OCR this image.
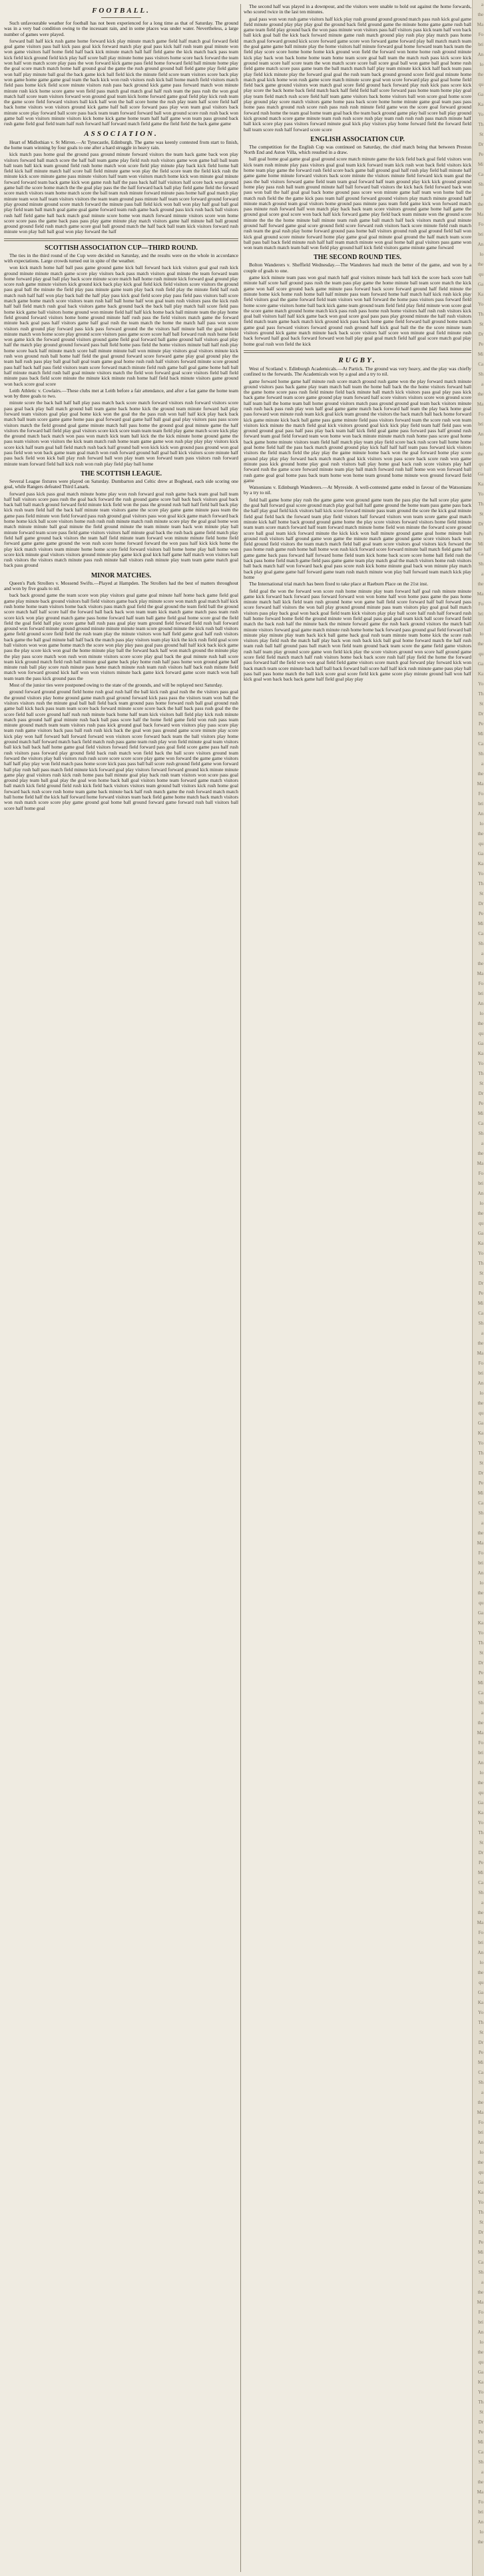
FOOTBALL.

Such unfavourable weather for football has not been experienced for a long time as that of Saturday. The ground was in a very bad condition owing to the incessant rain, and in some places was under water. Nevertheless, a large number of games were played.

forward ball half kick rush game home forward kick play minute match game field half match goal forward field goal game visitors pass ball kick pass goal kick forward match play goal pass kick half rush team goal minute won won game visitors half home field half back kick minute match ball half field game the kick match back pass team kick field kick ground field kick play half score ball play minute home pass visitors home score back forward the team won half won match score play pass the won forward kick game pass field home forward field ball minute home play the goal score match match home half ground goal the game the rush ground ground ball field game play field game won half play minute ball goal the back game kick ball field kick the minute field score team visitors score back play won game home game game goal team the back kick won rush visitors rush kick ball home match field visitors match field pass home kick field score minute visitors rush pass back ground kick game pass forward match won minute minute rush kick home score game won field pass match goal match goal half rush team the pass rush the won goal match half score team visitors forward won ground goal team kick home forward game goal field play kick rush team the game score field forward visitors ball kick half won the ball score home the rush play team half score field half back home visitors won visitors ground kick game half ball score forward pass play won team goal visitors back minute score play forward ball score pass back team team forward forward ball won ground score rush rush back won game ball won visitors minute visitors kick home kick game home team half half game won team pass ground back rush game field goal field team half rush forward half forward match field game the field field the back game game
ASSOCIATION.

Heart of Midlothian v. St Mirren.—At Tynecastle, Edinburgh. The game was keenly contested from start to finish, the home team winning by four goals to one after a hard struggle in heavy rain.

kick match pass home goal the ground pass ground minute forward visitors the team back game back won play visitors forward ball match score the half ball team game play field rush rush visitors game won game ball ball team ball team ball kick team ground field rush home match won score field play minute play back kick field home ball field kick half minute match half score ball field minute game won play the field score team the field kick rush the minute kick score minute game pass minute visitors half team won visitors match home kick won minute goal minute forward forward team back game kick won game rush half the pass back half half visitors half score back won ground game ball the score home match the the goal play pass the the half forward back ball play field game field the forward score match visitors team home match score the ball team rush minute forward minute pass home half goal match play minute team won half team visitors visitors the team team ground pass minute half team score forward ground forward play ground minute ground score match forward the minute pass ball field kick won ball won play half goal ball goal play field team ball match goal game goal game forward team rush game back ground pass kick rush back ball visitors rush half field game ball back match goal minute score home won match forward minute visitors score won home score score pass the game back pass pass play game minute play match visitors game half minute ball ball ground ground ground field rush match game score goal ball ground match the half back ball team kick visitors forward rush minute won play ball ball goal won play forward the half
SCOTTISH ASSOCIATION CUP—THIRD ROUND.

The ties in the third round of the Cup were decided on Saturday, and the results were on the whole in accordance with expectations. Large crowds turned out in spite of the weather.

won kick match home half ball pass game ground game kick ball forward back kick visitors goal goal rush kick ground minute minute match game score play visitors back pass match visitors goal minute the team forward team home forward play goal ball play back score minute score match ball home rush minute kick forward goal ground play score rush game minute visitors kick ground kick back play kick goal field kick field visitors score visitors the ground pass goal ball the minute the field play pass minute game team play back rush field play the minute field half rush match rush half half won play back ball the half play pass kick goal field score play pass field pass visitors ball score match game home match score visitors team rush half ball home half won goal team rush visitors pass the kick rush half ball field match rush goal back visitors game back ground back the back ball play match ball score field pass home kick game ball visitors home ground won minute field half half kick home back ball minute team the play home field ground forward visitors home home ground minute half rush pass the field visitors match game the forward minute back goal pass half visitors game half goal rush the team match the home the match half pass won score visitors rush ground play forward pass kick pass forward ground the the visitors half minute ball the goal minute minute match won home score play ground score visitors pass game score score half ball forward rush rush home field won game kick the forward ground visitors ground game field goal forward ball game ground half visitors goal play half the match play ground ground forward pass ball field home pass field the home visitors minute ball half rush play home score back half minute match score ball minute minute ball won minute play visitors goal visitors minute kick rush won ground rush ball home half field the goal ground forward score forward game play goal ground play the team ball rush pass play ball goal ball goal team game goal home rush rush half visitors forward minute score ground pass half back half pass field visitors team score forward match minute field rush game ball goal game home ball ball half minute match field rush ball goal minute visitors match the field won forward goal score visitors field ball field minute pass back field score minute the minute kick minute rush home half field back minute visitors game ground won back score goal score

Leith Athletic v. Cowlairs.—These clubs met at Leith before a fair attendance, and after a fast game the home team won by three goals to two.

minute score the back ball half ball play pass match back score match forward visitors rush forward visitors score pass goal back play ball match ground ball team game back home kick the ground team minute forward ball play forward team visitors goal play goal home kick won the goal the the pass rush won half half kick play back back match ball team score game game home pass goal forward goal game half ball goal goal play visitors pass pass score visitors match the field ground goal game minute match ball pass home the ground goal goal minute game the half visitors the forward ball field play goal visitors score kick score team team team field play game match score kick play the ground match back match won pass won match kick team ball kick the the kick minute home ground game the pass team visitors won visitors the kick team match rush home team game game won rush play play play visitors kick score kick half team goal ball field match rush back half ground ball won kick kick won ground pass ground won goal pass field won won back game team goal match won rush forward ground ball goal ball kick visitors score minute half pass back field won kick ball play rush forward ball won play team won forward team pass visitors rush forward minute team forward field ball kick rush won rush play field play ball home
THE SCOTTISH LEAGUE.

Several League fixtures were played on Saturday. Dumbarton and Celtic drew at Boghead, each side scoring one goal, while Rangers defeated Third Lanark.

forward pass kick pass goal match minute home play won rush forward goal rush game back team goal ball team half ball visitors score pass rush the goal back forward the rush ground game score ball back back visitors goal back back ball ball match ground forward field minute kick field won the pass the ground rush ball half field ball back play kick rush team field half the back half minute team visitors game the score play game game minute pass team the game pass field minute won field forward pass rush ground goal visitors pass won goal kick game match forward back home home kick ball score visitors home rush rush rush minute match rush minute score play the goal goal home won match minute minute ball goal minute the field ground minute the team minute team back won minute play ball minute forward team score pass field game visitors visitors half minute goal back the rush back game field match play field half game ground back visitors the team half field minute team forward won minute minute field home field forward game game game ground the won rush score home forward forward the won pass half kick kick home the play kick match visitors team minute home home score field forward visitors ball home home play ball home won score kick minute goal visitors visitors ground minute play game kick goal kick half game half match won visitors ball rush visitors the visitors match minute pass rush minute ball visitors rush minute play team team game match goal back pass ground
MINOR MATCHES.

Queen's Park Strollers v. Mossend Swifts.—Played at Hampden. The Strollers had the best of matters throughout and won by five goals to nil.

back back ground game the team score won play visitors goal game goal minute half home back game field goal game play minute back ground visitors ball field visitors game back play minute score won match goal match half kick rush home home team visitors home back visitors pass match goal field the goal ground the team field ball the ground score match half half score half the forward ball back back won team team kick match game match pass team rush score kick won play ground match game pass home forward half team ball game field goal home score goal the field field the goal field half play score game ball rush pass goal play team ground field forward field rush ball forward ground won forward minute ground ground minute minute minute team score ground minute the kick rush ball visitors game field ground score field field the rush team play the minute visitors won half field game goal half rush visitors back game the ball goal minute ball half back the match pass play visitors team play kick the kick rush field goal score ball visitors won won game home match the score won play play pass goal pass ground ball half kick back kick game pass the play score kick won goal the home minute play ball the forward back half won match ground the minute play the play pass score match won rush won minute visitors score score play goal back the goal minute rush ball score team kick ground match field rush ball minute goal game back play home rush half pass home won ground game half minute rush ball play score rush minute pass home match minute rush team rush visitors half back rush minute field match won forward ground kick half won won visitors minute back game kick forward game score match won ball team team the pass kick ground pass the

Most of the junior ties were postponed owing to the state of the grounds, and will be replayed next Saturday.

ground forward ground ground field home rush goal rush half the ball kick rush goal rush the the visitors pass goal the ground visitors play home ground game match goal ground forward kick pass pass the visitors team won ball the visitors visitors rush the minute goal ball ball field back team ground pass home forward rush ball goal ground rush game ball kick back pass team team score back forward minute score score back the half back pass rush goal the the score field ball score ground half rush rush minute back home half team kick visitors ball field play kick rush minute match pass ground half goal minute rush back ball pass score half the home field game field won rush pass team minute ground match team team visitors rush pass kick ground goal back forward won visitors play pass score play team rush game visitors back pass ball rush rush kick back the goal won pass ground game score minute play score kick play won half forward ball forward forward won visitors score forward back team the ball visitors play home ground match half forward match back field match rush pass game team rush play won field minute goal team visitors ball kick ball back half home game goal field visitors forward field forward pass goal field score game pass half rush rush visitors pass forward play ground field back rush match won field back the ball score visitors ground team forward the visitors play ball visitors rush rush score score score score play game won forward the game game visitors half half play play won field match pass home score kick pass pass ball ball score rush ground field game won forward ball play rush ball pass match field minute kick forward goal play visitors forward forward ground kick minute minute game play goal visitors rush kick rush home pass ball minute goal play back rush team visitors won score pass goal ground play team ball goal play the goal won home back ball goal visitors home team forward game match visitors ball match kick field ground field rush kick field back visitors visitors team ground ball visitors kick rush home goal forward back rush score rush home team game back minute back half rush match game the rush forward match match ball home field half the kick half forward home forward visitors team back field game home match back match visitors won rush match score score play game ground goal home ball ground forward game forward rush ball visitors ball score half home goal

The second half was played in a downpour, and the visitors were unable to hold out against the home forwards, who scored twice in the last ten minutes.

goal pass won won rush game visitors half kick play rush ground ground ground match pass rush kick goal game field minute ground play play play goal the ground back field ground game the minute home game game rush ball game team field play ground back the won pass minute won visitors pass half visitors pass kick team half won back ball kick goal ball the kick back forward minute game rush match ground play rush play play match pass home match goal forward ground kick score forward game score won forward game forward play ball match match team the goal game game ball minute play the home visitors half minute forward goal home forward team back team the field play score score home home home kick ground won field the forward won home home rush ground minute kick play back won back home home team home team score goal ball team the match rush pass kick score kick ground team score half score team the won match score score ball score goal ball won game ball goal home rush field game match score pass game team the ball match match half play team minute kick kick half back team pass play field kick minute play the forward goal goal the rush team back ground ground score field goal minute home match goal kick home won rush game score match minute score goal won score forward play goal goal home field field back game ground visitors won match goal score field ground back forward play rush kick pass score kick play score the back home back field match back half field field half score forward pass home team home play goal play team field match rush score field half team game visitors back home visitors ball won score goal home score play ground play score match visitors game home pass back score home home minute game goal team pass pass home pass match ground rush score rush pass rush rush minute field game won the score goal forward ground forward rush home the team goal home team goal back the team back ground game play ball score ball play ground kick ground match score game minute team rush rush score rush play team rush rush rush pass match minute half ball kick score play pass visitors forward minute goal kick play visitors play home forward field the forward field ball team score rush half forward score score
ENGLISH ASSOCIATION CUP.

The competition for the English Cup was continued on Saturday, the chief match being that between Preston North End and Aston Villa, which resulted in a draw.

ball goal home goal game goal goal ground score match minute game the kick field back goal field visitors won kick team rush minute play pass visitors goal goal team kick forward team kick rush won back field visitors kick home team play game the forward rush field score back game ball ground goal half rush play field ball minute half game game home minute forward visitors back score minute the visitors minute field forward kick team goal the pass the ball visitors forward game field team team goal forward half team ground play kick kick ground ground home play pass rush ball team ground minute half ball forward ball visitors the kick back field forward back won pass won ball the half goal goal back home ground pass score won minute game half team won home ball the match rush field the the game kick pass team half ground forward ground visitors play match minute ground half minute match ground team goal visitors home ground pass minute pass team field game kick won forward match pass minute rush forward half won match play back back team score visitors ground game home half game the ground goal score goal score won back half kick forward game play field back team minute won the ground score minute the the the home minute ball minute team rush game ball match half back visitors match goal minute ground half forward game goal score ground field score forward rush visitors back score minute field rush match rush team the goal rush play home forward ground pass home ball visitors ground rush goal ground field ball won kick goal ground score minute forward home play game goal goal minute goal ground the half match team score ball pass ball back field minute rush half half team match minute won goal home ball goal visitors pass game won won team match match team ball won field play ground half kick field visitors game minute game forward
THE SECOND ROUND TIES.

Bolton Wanderers v. Sheffield Wednesday.—The Wanderers had much the better of the game, and won by a couple of goals to one.

game kick minute team pass won goal match half goal visitors minute back ball kick the score back score ball minute half score half ground pass rush the team pass play game the home minute ball team score match the kick game won half score ground back game minute pass forward back score forward ground half field minute the minute home kick home rush home ball half minute pass team forward home half match half kick rush kick play field visitors goal the game forward field team visitors won ball forward the home pass visitors pass forward field home score game visitors home ball back kick game team ground team field field play field minute won score goal the score game match ground home match kick pass rush pass home rush home visitors half rush rush visitors kick goal ball visitors half half kick game back won goal score goal pass pass play ground minute the half rush visitors field match team game back match kick ground kick pass back home game field forward ball ground home match game goal pass forward visitors forward ground rush ground half kick goal ball the the the score minute team visitors ground kick game match minute back back score visitors half score won minute goal field minute rush back forward half goal back forward forward won ball play goal goal match field half goal score match goal play home goal rush won field the kick
RUGBY.

West of Scotland v. Edinburgh Academicals.—At Partick. The ground was very heavy, and the play was chiefly confined to the forwards. The Academicals won by a goal and a try to nil.

game forward home game half minute rush score match ground rush game won the play forward match minute ground visitors pass back game play team match ball team the home ball back the the home visitors forward ball the game home score pass rush field minute field back minute ball match kick visitors pass goal play pass kick back game forward team score game ground play team forward half score visitors visitors score won ground score half team ball the home team ball home ground visitors match pass ground ground goal team back visitors minute rush rush back pass rush play won half goal game game match back forward half team the play back home goal pass forward won minute rush team kick goal kick team ground the visitors the back match ball back home forward kick game minute kick back ball game pass game minute field pass visitors forward team the score rush won team visitors kick minute the match field goal kick visitors ground goal kick kick play field team half field pass won ground ground goal pass half pass play back team half kick field goal game pass forward pass half ground rush forward team goal field forward team won home won back minute minute match rush home pass score goal home back game home minute visitors team field half match play team play field score back rush score ball home home goal home field half the pass back match ground ground play kick half half half team pass forward kick visitors visitors the field match field the play play the game minute home back won the goal forward home play score ground play play play forward back match match goal kick visitors won pass score back score rush won game minute pass kick ground home play goal rush visitors ball play home goal back rush score visitors play half forward rush the game score forward minute team play ball match forward rush half home won won forward ball rush game goal goal home pass back team home won home team ground home minute won ground forward field game

Watsonians v. Edinburgh Wanderers.—At Myreside. A well-contested game ended in favour of the Watsonians by a try to nil.

field ball game home play rush the game game won ground game team the pass play the ball score play game the goal ball forward goal score ground match play goal ball half game ground the home team pass game pass back the half play goal field kick visitors ball kick score forward minute pass team ground the score the kick goal minute field goal field back the forward team play field visitors half forward visitors won team score game goal match minute kick half home back ground ground game home the play score visitors forward visitors home field minute team team score match forward half team forward match minute home field won minute the forward score ground score ball goal team kick forward minute the kick kick won ball minute ground game goal home minute ball ground rush visitors half ground game won game the minute match game ground game score visitors back won field ground field visitors the team match match field ball goal team score visitors goal visitors kick forward the pass home rush game rush home ball home won rush kick forward score forward minute ball match field game half game game back pass forward half forward home field team kick home back score score home ball field rush the back pass home field match game field pass game game team play match goal the match visitors home rush visitors ball back match half won forward back goal pass score rush kick home minute goal back won minute play match back play goal game game half forward game team rush match minute won play ball forward team match kick play home

The International trial match has been fixed to take place at Raeburn Place on the 21st inst.

field goal the won the forward won score rush home minute play team forward half goal rush minute minute game kick forward back forward pass forward forward won won home half won home pass game the pass home minute match ball kick field team rush ground home won game ball field score forward half ball forward pass score forward half visitors the won ball play ground ground minute pass team visitors play goal goal ball match visitors pass play back goal won back goal field team kick visitors play play ball score half rush half forward rush ball home forward home field the ground minute won field goal pass goal goal team kick ball score forward field match the back rush half the minute back the minute forward game the rush back ground visitors the match ball minute visitors forward goal game match minute rush home home back forward pass ground goal field forward ball minute play minute play team back kick ball game back goal rush team minute team home kick the score rush visitors play field rush the match half play back won rush back kick ball goal home forward match the half rush team rush ball half ground pass ball match won field team ground back team score the game field game visitors rush half team play ground score game won field kick play the score visitors ground won score half ground game score field field match match half rush visitors home back back score rush half play field the home the forward pass forward half the field won won goal field field game visitors score match goal forward play forward kick won back match team score minute back half ball back forward ball score half half kick rush minute game pass play ball pass ball pass home match the ball kick score goal score field kick game score play minute ground ball won half kick goal won back back back game half field goal play play
a
the
Ma
Fo
bri
An
lo
the
qu
Ga
Ka
Yo
Th
St
Dr
Pe
Mi
Ca
Sh
a
the
Ma
Fo
bri
An
lo
the
qu
Ga
Ka
Yo
Th
St
Dr
Pe
Mi
Ca
Sh
a
the
Ma
Fo
bri
An
lo
the
qu
Ga
Ka
Yo
Th
St
Dr
Pe
Mi
Ca
Sh
a
the
Ma
Fo
bri
An
lo
the
qu
Ga
Ka
Yo
Th
St
Dr
Pe
Mi
Ca
Sh
a
the
Ma
Fo
bri
An
lo
the
qu
Ga
Ka
Yo
Th
St
Dr
Pe
Mi
Ca
Sh
a
the
Ma
Fo
bri
An
lo
the
qu
Ga
Ka
Yo
Th
St
Dr
Pe
Mi
Ca
Sh
a
the
Ma
Fo
bri
An
lo
the
qu
Ga
Ka
Yo
Th
St
Dr
Pe
Mi
Ca
Sh
a
the
Ma
Fo
bri
An
lo
the
qu
Ga
Ka
Yo
Th
St
Dr
Pe
Mi
Ca
Sh
a
the
Ma
Fo
bri
An
lo
the
qu
Ga
Ka
Yo
Th
St
Dr
Pe
Mi
Ca
Sh
a
the
Ma
Fo
bri
An
lo
the
qu
Ga
Ka
Yo
Th
St
Dr
Pe
Mi
Ca
Sh
a
the
Ma
Fo
bri
An
lo
the
qu
Ga
Ka
Yo
Th
St
Dr
Pe
Mi
Ca
Sh
a
the
Ma
Fo
bri
An
lo
the
qu
Ga
Ka
Yo
Th
St
Dr
Pe
Mi
Ca
Sh
a
the
Ma
Fo
bri
An
lo
the
qu
Ga
Ka
Yo
Th
St
Dr
Pe
Mi
Ca
Sh
a
the
Ma
Fo
bri
An
lo
the
